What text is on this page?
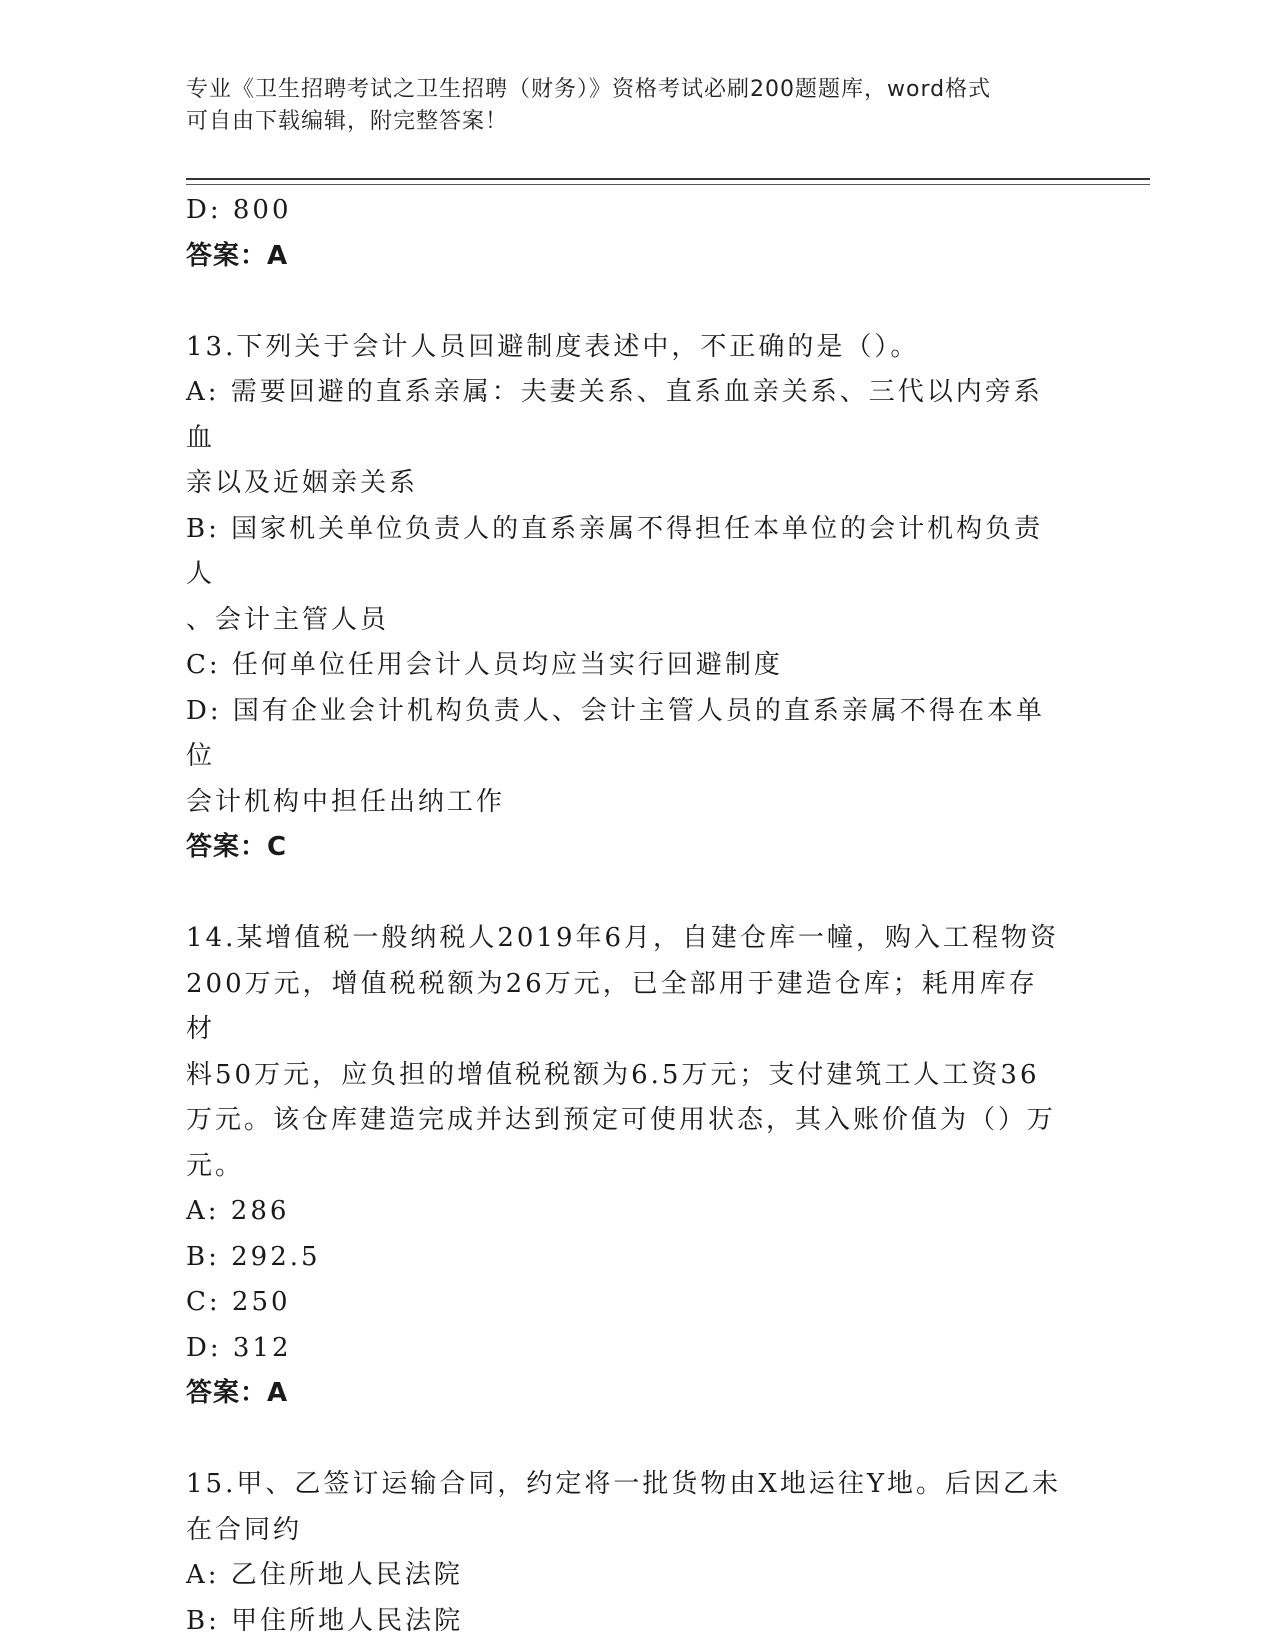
专业《卫生招聘考试之卫生招聘（财务）》资格考试必刷200题题库，word格式
可自由下载编辑，附完整答案！
D: 800
答案：A
13.下列关于会计人员回避制度表述中，不正确的是（）。
A: 需要回避的直系亲属：夫妻关系、直系血亲关系、三代以内旁系血
亲以及近姻亲关系
B: 国家机关单位负责人的直系亲属不得担任本单位的会计机构负责人
、会计主管人员
C: 任何单位任用会计人员均应当实行回避制度
D: 国有企业会计机构负责人、会计主管人员的直系亲属不得在本单位
会计机构中担任出纳工作
答案：C
14.某增值税一般纳税人2019年6月，自建仓库一幢，购入工程物资
200万元，增值税税额为26万元，已全部用于建造仓库；耗用库存材
料50万元，应负担的增值税税额为6.5万元；支付建筑工人工资36
万元。该仓库建造完成并达到预定可使用状态，其入账价值为（）万
元。
A: 286
B: 292.5
C: 250
D: 312
答案：A
15.甲、乙签订运输合同，约定将一批货物由X地运往Y地。后因乙未
在合同约
A: 乙住所地人民法院
B: 甲住所地人民法院
